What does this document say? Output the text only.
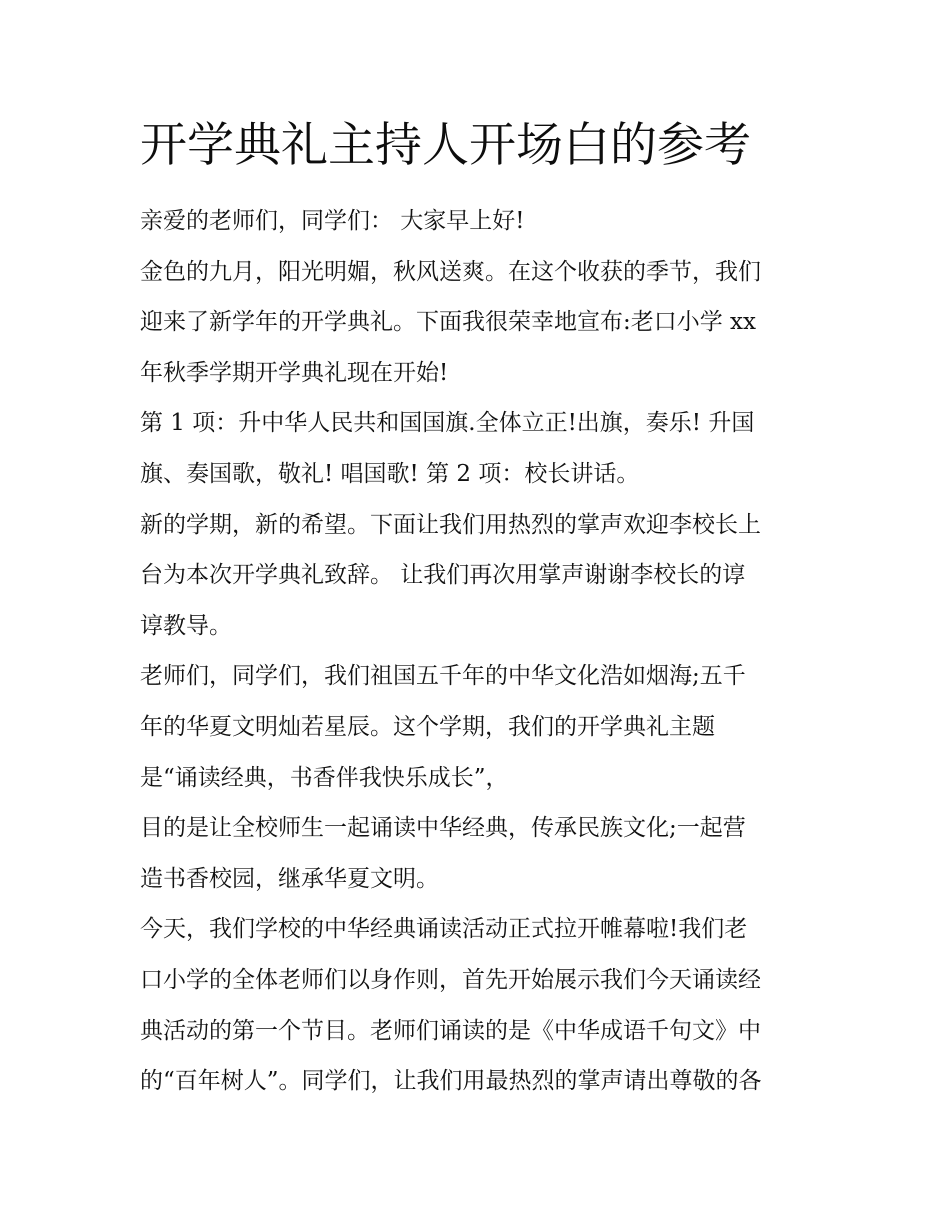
开学典礼主持人开场白的参考
亲爱的老师们，同学们： 大家早上好!
金色的九月，阳光明媚，秋风送爽。在这个收获的季节，我们
迎来了新学年的开学典礼。下面我很荣幸地宣布:老口小学 xx
年秋季学期开学典礼现在开始!
第 1 项：升中华人民共和国国旗.全体立正!出旗，奏乐! 升国
旗、奏国歌，敬礼! 唱国歌! 第 2 项：校长讲话。
新的学期，新的希望。下面让我们用热烈的掌声欢迎李校长上
台为本次开学典礼致辞。 让我们再次用掌声谢谢李校长的谆
谆教导。
老师们，同学们，我们祖国五千年的中华文化浩如烟海;五千
年的华夏文明灿若星辰。这个学期，我们的开学典礼主题
是“诵读经典，书香伴我快乐成长”，
目的是让全校师生一起诵读中华经典，传承民族文化;一起营
造书香校园，继承华夏文明。
今天，我们学校的中华经典诵读活动正式拉开帷幕啦!我们老
口小学的全体老师们以身作则，首先开始展示我们今天诵读经
典活动的第一个节目。老师们诵读的是《中华成语千句文》中
的“百年树人”。同学们，让我们用最热烈的掌声请出尊敬的各
